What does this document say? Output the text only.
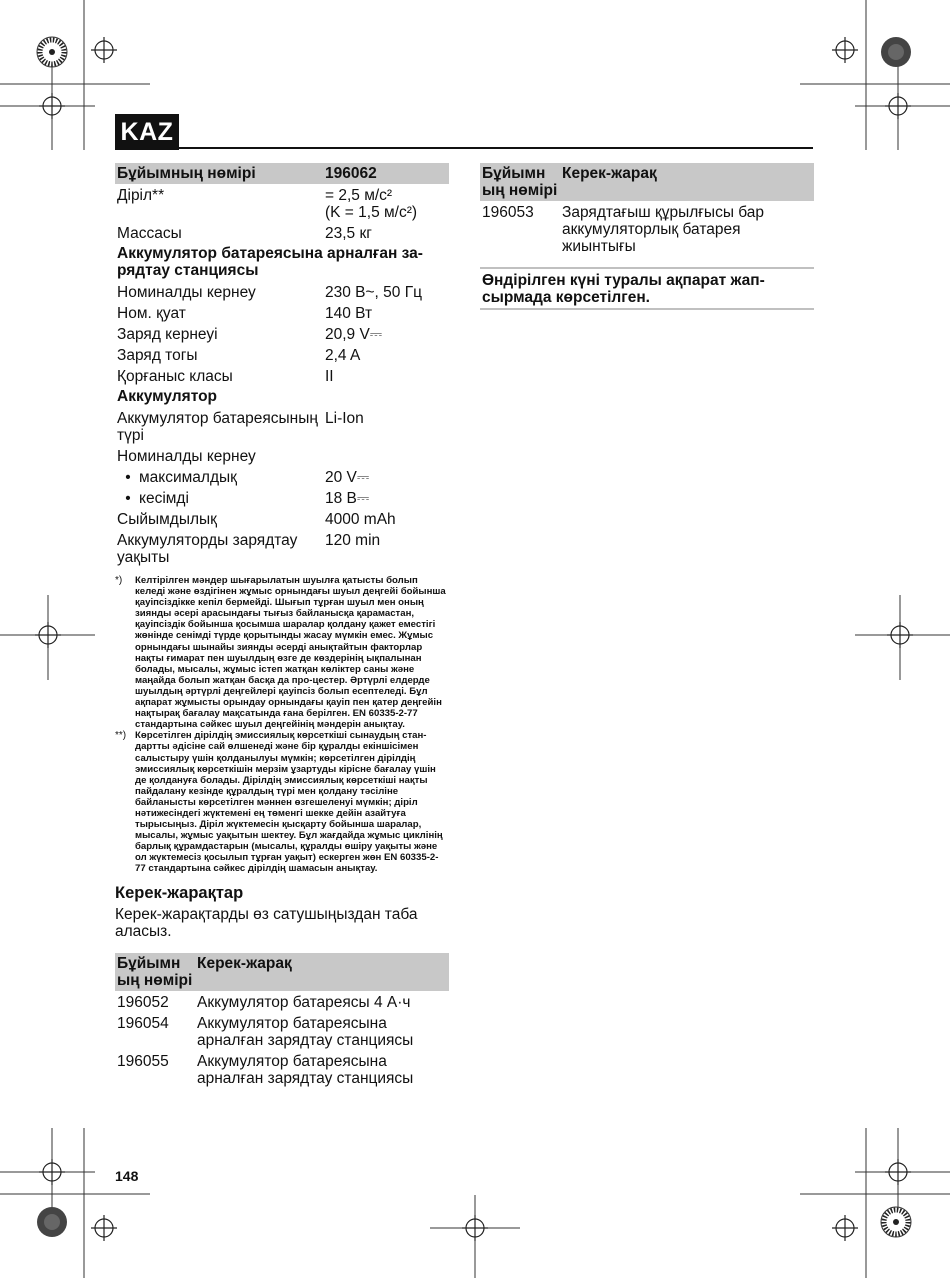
KAZ
Бұйымның нөмірі	196062
Діріл**	= 2,5 м/с²
(K = 1,5 м/с²)

Массасы	23,5 кг
Аккумулятор батареясына арналған за-рядтау станциясы	
Номиналды кернеу	230 В~, 50 Гц
Ном. қуат	140 Вт
Заряд кернеуі	20,9 V⎓
Заряд тогы	2,4 A
Қорғаныс класы	II
Аккумулятор	
Аккумулятор батареясының түрі	Li-Ion
Номиналды кернеу	
• максималдық	20 V⎓
• кесімді	18 В⎓
Сыйымдылық	4000 mAh
Аккумуляторды зарядтау уақыты	120 min
*)	Келтірілген мәндер шығарылатын шуылға қатысты болып келеді және өздігінен жұмыс орнындағы шуыл деңгейі бойынша қауіпсіздікке кепіл бермейді. Шығып тұрған шуыл мен оның зиянды әсері арасындағы тығыз байланысқа қарамастан, қауіпсіздік бойынша қосымша шаралар қолдану қажет еместігі жөнінде сенімді түрде қорытынды жасау мүмкін емес. Жұмыс орнындағы шынайы зиянды әсерді анықтайтын факторлар нақты ғимарат пен шуылдың өзге де көздерінің ықпалынан болады, мысалы, жұмыс істеп жатқан көліктер саны және маңайда болып жатқан басқа да про-цестер. Әртүрлі елдерде шуылдың әртүрлі деңгейлері қауіпсіз болып есептеледі. Бұл ақпарат жұмысты орындау орнындағы қауіп пен қатер деңгейін нақтырақ бағалау мақсатында ғана берілген. EN 60335-2-77 стандартына сәйкес шуыл деңгейінің мәндерін анықтау.
**) Көрсетілген дірілдің эмиссиялық көрсеткіші сынаудың стан-дартты әдісіне сай өлшенеді және бір құралды екіншісімен салыстыру үшін қолданылуы мүмкін; көрсетілген дірілдің эмиссиялық көрсеткішін мерзім ұзартуды кірісне бағалау үшін де қолдануға болады. Дірілдің эмиссиялық көрсеткіші нақты пайдалану кезінде құралдың түрі мен қолдану тәсіліне байланысты көрсетілген мәннен өзгешеленуі мүмкін; діріл нәтижесіндегі жүктемені ең төменгі шекке дейін азайтуға тырысыңыз. Діріл жүктемесін қысқарту бойынша шаралар, мысалы, жұмыс уақытын шектеу. Бұл жағдайда жұмыс циклінің барлық құрамдастарын (мысалы, құралды өшіру уақыты және ол жүктемесіз қосылып тұрған уақыт) ескерген жөн EN 60335-2-77 стандартына сәйкес дірілдің шамасын анықтау.
Керек-жарақтар
Керек-жарақтарды өз сатушыңыздан таба аласыз.
Бұйымн ың нөмірі	Керек-жарақ
196052	Аккумулятор батареясы 4 А·ч
196054	Аккумулятор батареясына арналған зарядтау станциясы
196055	Аккумулятор батареясына арналған зарядтау станциясы
Бұйымн ың нөмірі	Керек-жарақ
196053	Зарядтағыш құрылғысы бар аккумуляторлық батарея жиынтығы
Өндірілген күні туралы ақпарат жап-сырмада көрсетілген.
148
